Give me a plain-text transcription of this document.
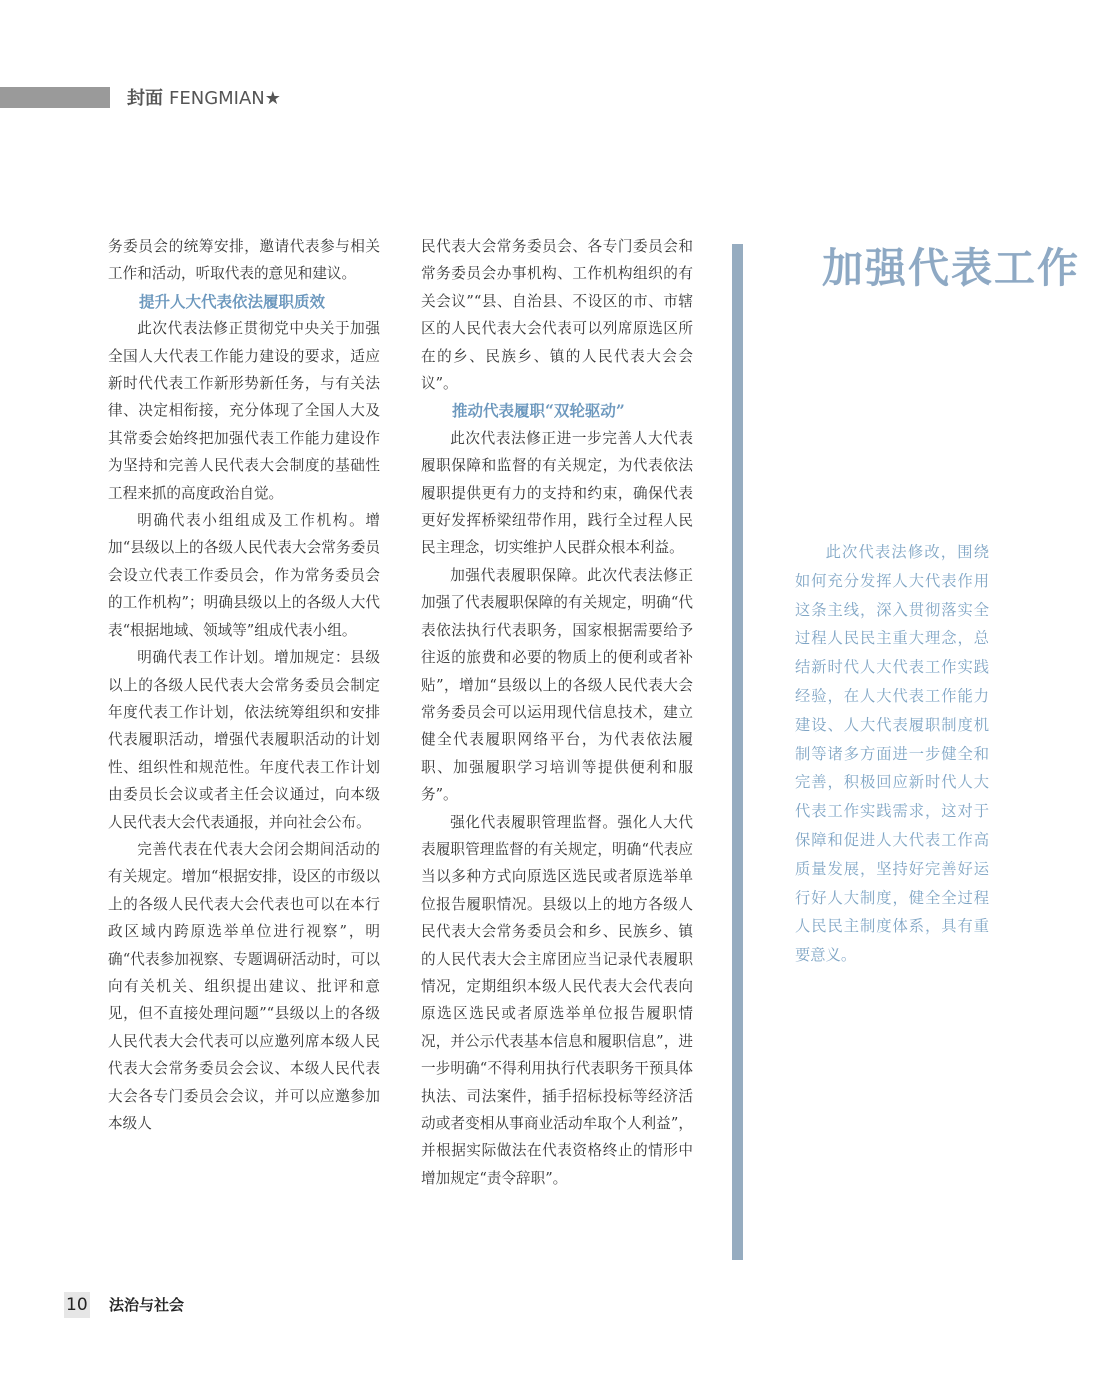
封面 FENGMIAN★

务委员会的统筹安排，邀请代表参与相关工作和活动，听取代表的意见和建议。

提升人大代表依法履职质效

此次代表法修正贯彻党中央关于加强全国人大代表工作能力建设的要求，适应新时代代表工作新形势新任务，与有关法律、决定相衔接，充分体现了全国人大及其常委会始终把加强代表工作能力建设作为坚持和完善人民代表大会制度的基础性工程来抓的高度政治自觉。

明确代表小组组成及工作机构。增加“县级以上的各级人民代表大会常务委员会设立代表工作委员会，作为常务委员会的工作机构”；明确县级以上的各级人大代表“根据地域、领域等”组成代表小组。

明确代表工作计划。增加规定：县级以上的各级人民代表大会常务委员会制定年度代表工作计划，依法统筹组织和安排代表履职活动，增强代表履职活动的计划性、组织性和规范性。年度代表工作计划由委员长会议或者主任会议通过，向本级人民代表大会代表通报，并向社会公布。

完善代表在代表大会闭会期间活动的有关规定。增加“根据安排，设区的市级以上的各级人民代表大会代表也可以在本行政区域内跨原选举单位进行视察”，明确“代表参加视察、专题调研活动时，可以向有关机关、组织提出建议、批评和意见，但不直接处理问题”“县级以上的各级人民代表大会代表可以应邀列席本级人民代表大会常务委员会会议、本级人民代表大会各专门委员会会议，并可以应邀参加本级人

民代表大会常务委员会、各专门委员会和常务委员会办事机构、工作机构组织的有关会议”“县、自治县、不设区的市、市辖区的人民代表大会代表可以列席原选区所在的乡、民族乡、镇的人民代表大会会议”。

推动代表履职“双轮驱动”

此次代表法修正进一步完善人大代表履职保障和监督的有关规定，为代表依法履职提供更有力的支持和约束，确保代表更好发挥桥梁纽带作用，践行全过程人民民主理念，切实维护人民群众根本利益。

加强代表履职保障。此次代表法修正加强了代表履职保障的有关规定，明确“代表依法执行代表职务，国家根据需要给予往返的旅费和必要的物质上的便利或者补贴”，增加“县级以上的各级人民代表大会常务委员会可以运用现代信息技术，建立健全代表履职网络平台，为代表依法履职、加强履职学习培训等提供便利和服务”。

强化代表履职管理监督。强化人大代表履职管理监督的有关规定，明确“代表应当以多种方式向原选区选民或者原选举单位报告履职情况。县级以上的地方各级人民代表大会常务委员会和乡、民族乡、镇的人民代表大会主席团应当记录代表履职情况，定期组织本级人民代表大会代表向原选区选民或者原选举单位报告履职情况，并公示代表基本信息和履职信息”，进一步明确“不得利用执行代表职务干预具体执法、司法案件，插手招标投标等经济活动或者变相从事商业活动牟取个人利益”，并根据实际做法在代表资格终止的情形中增加规定“责令辞职”。

加强代表工作

此次代表法修改，围绕如何充分发挥人大代表作用这条主线，深入贯彻落实全过程人民民主重大理念，总结新时代人大代表工作实践经验，在人大代表工作能力建设、人大代表履职制度机制等诸多方面进一步健全和完善，积极回应新时代人大代表工作实践需求，这对于保障和促进人大代表工作高质量发展，坚持好完善好运行好人大制度，健全全过程人民民主制度体系，具有重要意义。

10 法治与社会
